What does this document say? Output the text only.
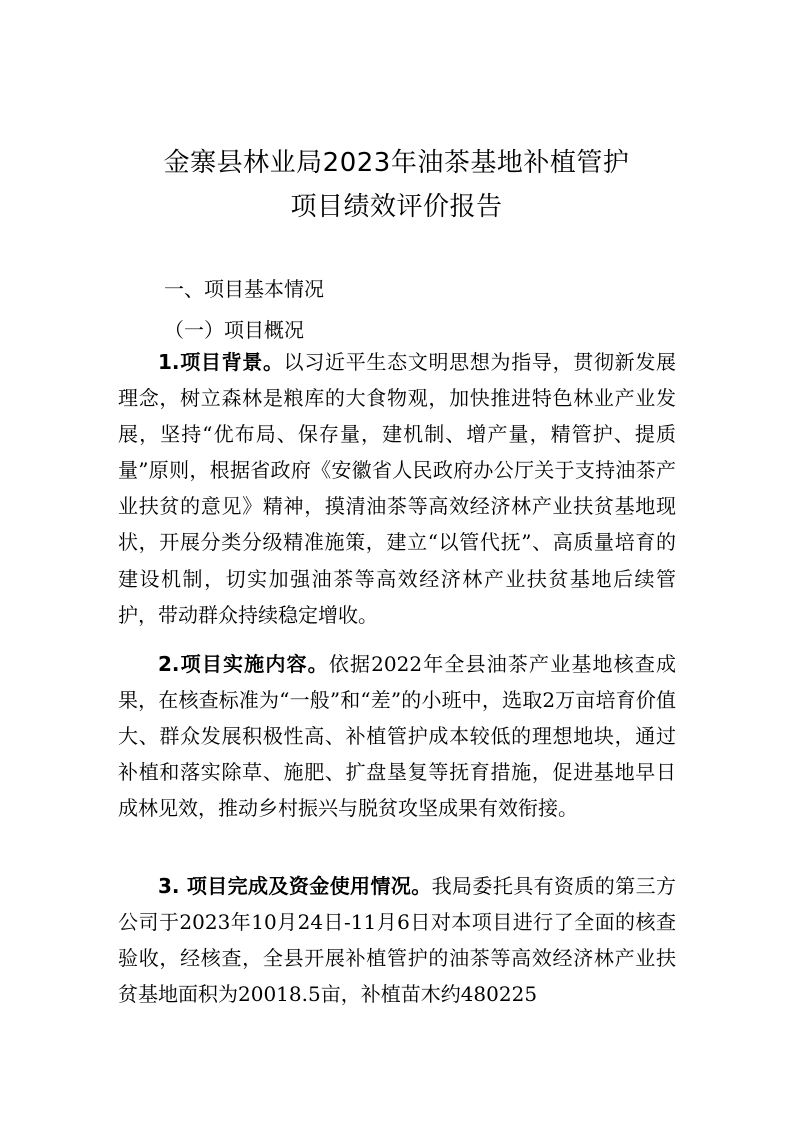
金寨县林业局2023年油茶基地补植管护
项目绩效评价报告
一、项目基本情况
（一）项目概况
1.项目背景。以习近平生态文明思想为指导，贯彻新发展理念，树立森林是粮库的大食物观，加快推进特色林业产业发展，坚持“优布局、保存量，建机制、增产量，精管护、提质量”原则，根据省政府《安徽省人民政府办公厅关于支持油茶产业扶贫的意见》精神，摸清油茶等高效经济林产业扶贫基地现状，开展分类分级精准施策，建立“以管代抚”、高质量培育的建设机制，切实加强油茶等高效经济林产业扶贫基地后续管护，带动群众持续稳定增收。
2.项目实施内容。依据2022年全县油茶产业基地核查成果，在核查标准为“一般”和“差”的小班中，选取2万亩培育价值大、群众发展积极性高、补植管护成本较低的理想地块，通过补植和落实除草、施肥、扩盘垦复等抚育措施，促进基地早日成林见效，推动乡村振兴与脱贫攻坚成果有效衔接。
3. 项目完成及资金使用情况。我局委托具有资质的第三方公司于2023年10月24日-11月6日对本项目进行了全面的核查验收，经核查，全县开展补植管护的油茶等高效经济林产业扶贫基地面积为20018.5亩，补植苗木约480225
